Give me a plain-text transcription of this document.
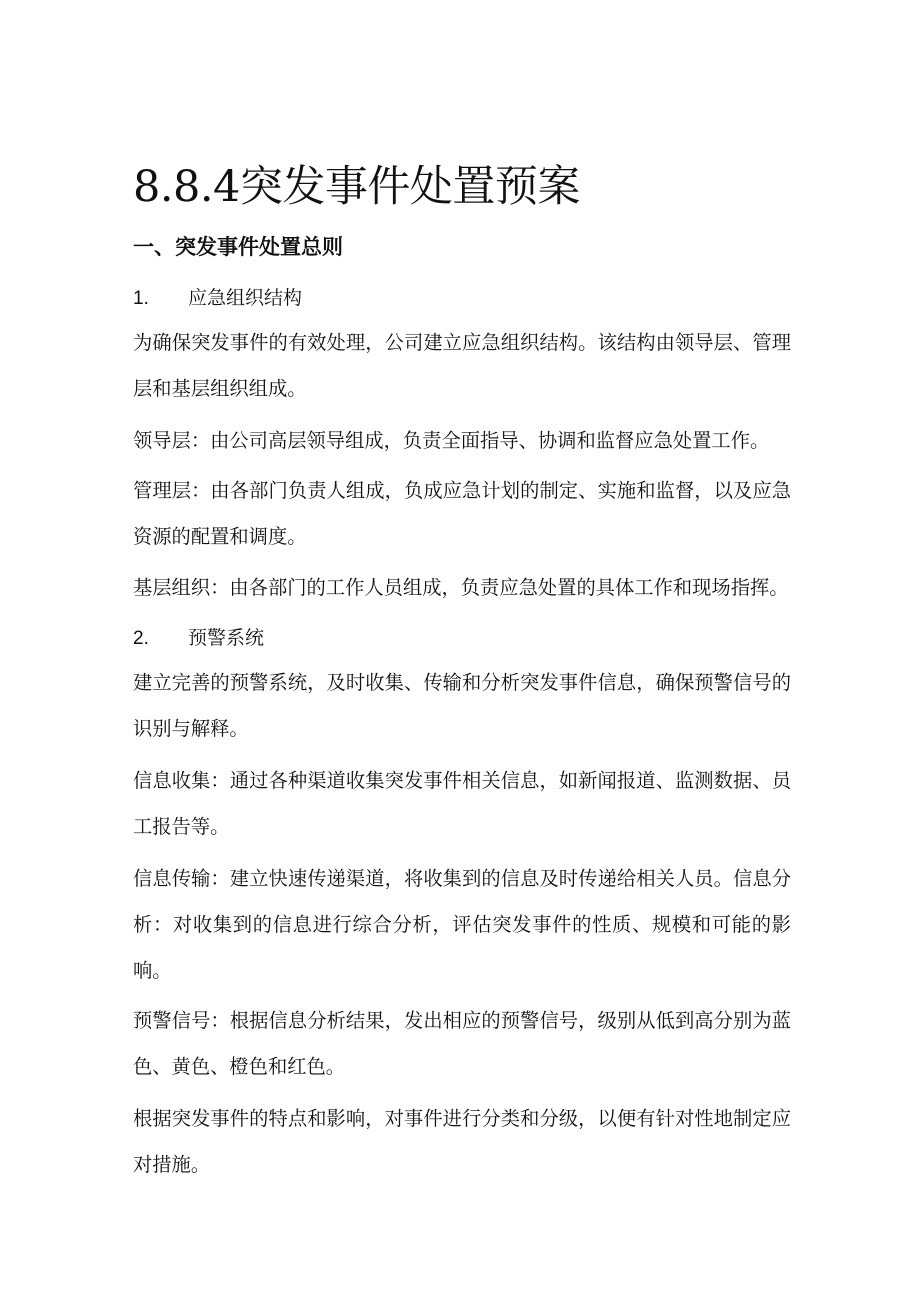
8.8.4突发事件处置预案
一、突发事件处置总则
1. 应急组织结构

为确保突发事件的有效处理，公司建立应急组织结构。该结构由领导层、管理层和基层组织组成。

领导层：由公司高层领导组成，负责全面指导、协调和监督应急处置工作。

管理层：由各部门负责人组成，负成应急计划的制定、实施和监督，以及应急资源的配置和调度。

基层组织：由各部门的工作人员组成，负责应急处置的具体工作和现场指挥。

2. 预警系统

建立完善的预警系统，及时收集、传输和分析突发事件信息，确保预警信号的识别与解释。

信息收集：通过各种渠道收集突发事件相关信息，如新闻报道、监测数据、员工报告等。

信息传输：建立快速传递渠道，将收集到的信息及时传递给相关人员。信息分析：对收集到的信息进行综合分析，评估突发事件的性质、规模和可能的影响。

预警信号：根据信息分析结果，发出相应的预警信号，级别从低到高分别为蓝色、黄色、橙色和红色。

根据突发事件的特点和影响，对事件进行分类和分级，以便有针对性地制定应对措施。
